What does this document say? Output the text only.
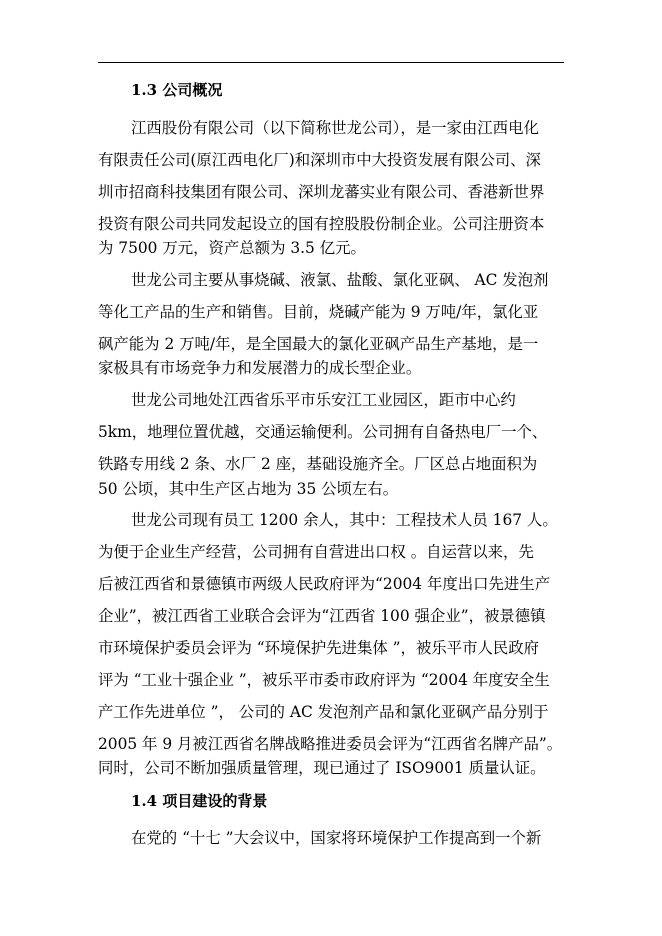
1.3 公司概况
江西股份有限公司（以下简称世龙公司），是一家由江西电化
有限责任公司(原江西电化厂)和深圳市中大投资发展有限公司、深
圳市招商科技集团有限公司、深圳龙蕃实业有限公司、香港新世界
投资有限公司共同发起设立的国有控股股份制企业。公司注册资本
为 7500 万元，资产总额为 3.5 亿元。
世龙公司主要从事烧碱、液氯、盐酸、氯化亚砜、 AC 发泡剂
等化工产品的生产和销售。目前，烧碱产能为 9 万吨/年，氯化亚
砜产能为 2 万吨/年，是全国最大的氯化亚砜产品生产基地，是一
家极具有市场竞争力和发展潜力的成长型企业。
世龙公司地处江西省乐平市乐安江工业园区，距市中心约
5km，地理位置优越，交通运输便利。公司拥有自备热电厂一个、
铁路专用线 2 条、水厂 2 座，基础设施齐全。厂区总占地面积为
50 公顷，其中生产区占地为 35 公顷左右。
世龙公司现有员工 1200 余人，其中：工程技术人员 167 人。
为便于企业生产经营，公司拥有自营进出口权 。自运营以来，先
后被江西省和景德镇市两级人民政府评为“2004 年度出口先进生产
企业”，被江西省工业联合会评为“江西省 100 强企业”，被景德镇
市环境保护委员会评为 “环境保护先进集体 ”，被乐平市人民政府
评为 “工业十强企业 ”，被乐平市委市政府评为 “2004 年度安全生
产工作先进单位 ”， 公司的 AC 发泡剂产品和氯化亚砜产品分别于
2005 年 9 月被江西省名牌战略推进委员会评为“江西省名牌产品”。
同时，公司不断加强质量管理，现已通过了 ISO9001 质量认证。
1.4 项目建设的背景
在党的 “十七 ”大会议中，国家将环境保护工作提高到一个新
